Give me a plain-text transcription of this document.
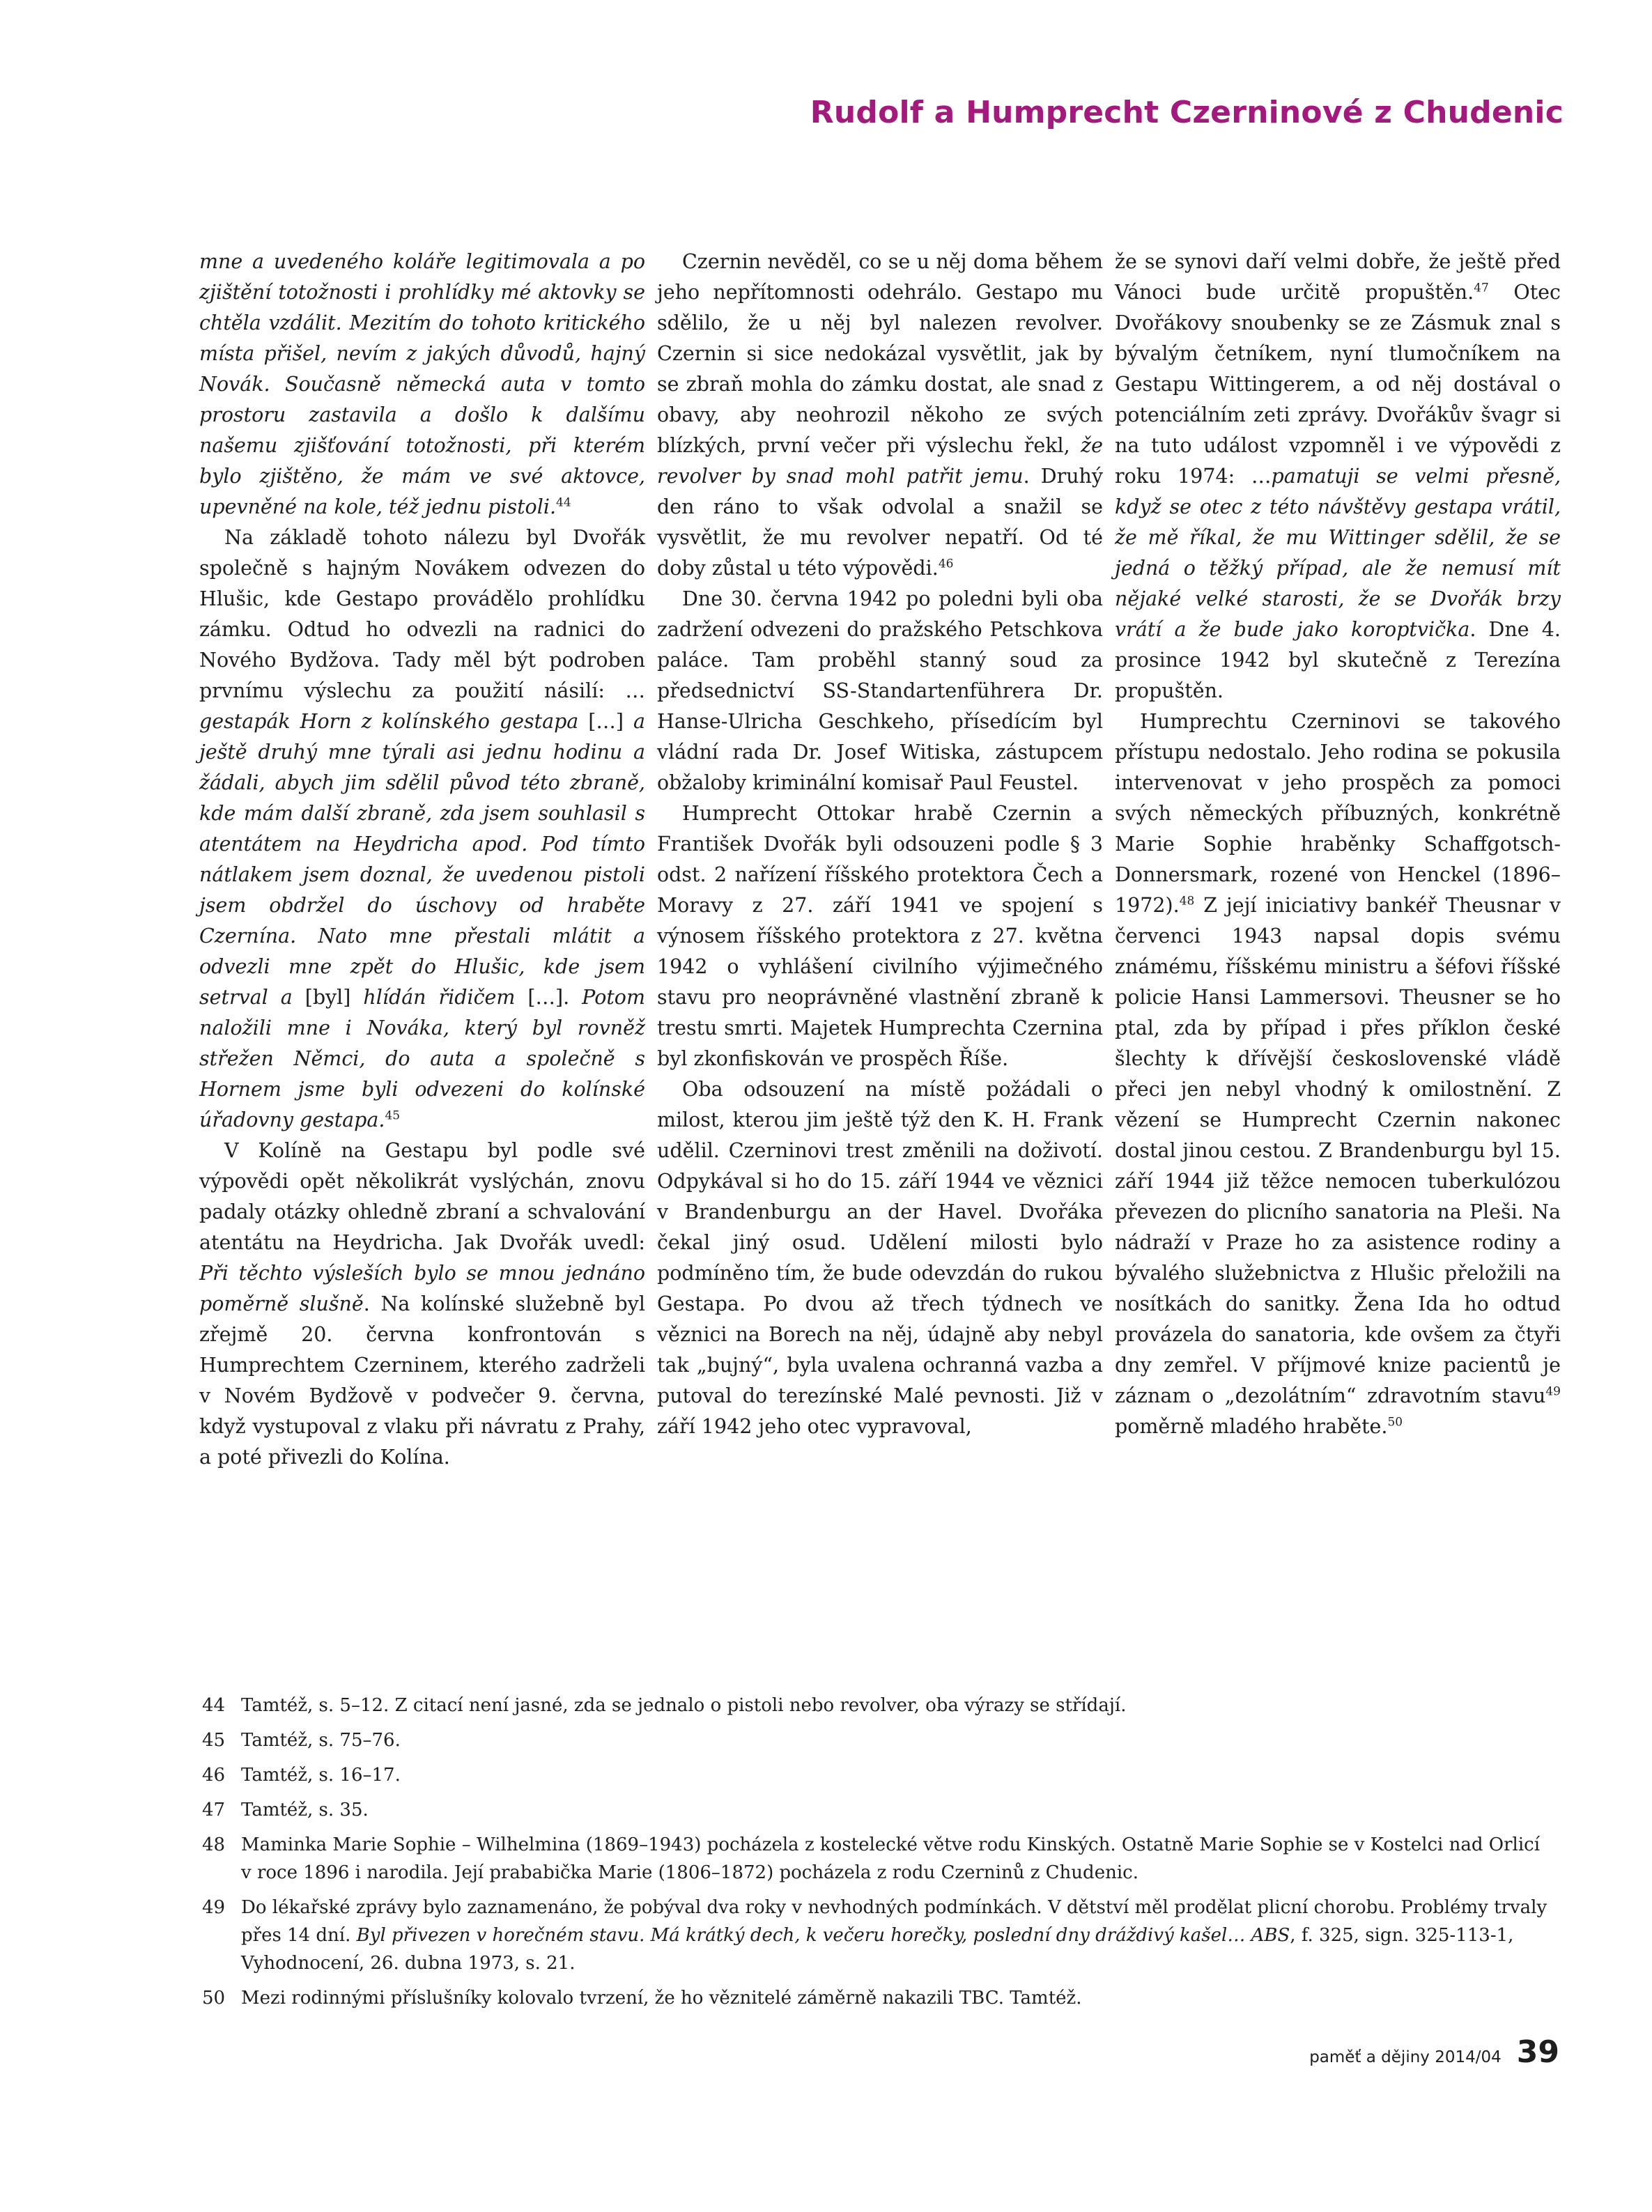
Rudolf a Humprecht Czerninové z Chudenic

mne a uvedeného koláře legitimovala a po zjištění totožnosti i prohlídky mé aktovky se chtěla vzdálit. Mezitím do tohoto kritického místa přišel, nevím z jakých důvodů, hajný Novák. Současně německá auta v tomto prostoru zastavila a došlo k dalšímu našemu zjišťování totožnosti, při kterém bylo zjištěno, že mám ve své aktovce, upevněné na kole, též jednu pistoli.$^{44}$

Na základě tohoto nálezu byl Dvořák společně s hajným Novákem odvezen do Hlušic, kde Gestapo provádělo prohlídku zámku. Odtud ho odvezli na radnici do Nového Bydžova. Tady měl být podroben prvnímu výslechu za použití násilí: …gestapák Horn z kolínského gestapa […] a ještě druhý mne týrali asi jednu hodinu a žádali, abych jim sdělil původ této zbraně, kde mám další zbraně, zda jsem souhlasil s atentátem na Heydricha apod. Pod tímto nátlakem jsem doznal, že uvedenou pistoli jsem obdržel do úschovy od hraběte Czernína. Nato mne přestali mlátit a odvezli mne zpět do Hlušic, kde jsem setrval a [byl] hlídán řidičem […]. Potom naložili mne i Nováka, který byl rovněž střežen Němci, do auta a společně s Hornem jsme byli odvezeni do kolínské úřadovny gestapa.$^{45}$

V Kolíně na Gestapu byl podle své výpovědi opět několikrát vyslýchán, znovu padaly otázky ohledně zbraní a schvalování atentátu na Heydricha. Jak Dvořák uvedl: Při těchto výsleších bylo se mnou jednáno poměrně slušně. Na kolínské služebně byl zřejmě 20. června konfrontován s Humprechtem Czerninem, kterého zadrželi v Novém Bydžově v podvečer 9. června, když vystupoval z vlaku při návratu z Prahy, a poté přivezli do Kolína.

Czernin nevěděl, co se u něj doma během jeho nepřítomnosti odehrálo. Gestapo mu sdělilo, že u něj byl nalezen revolver. Czernin si sice nedokázal vysvětlit, jak by se zbraň mohla do zámku dostat, ale snad z obavy, aby neohrozil někoho ze svých blízkých, první večer při výslechu řekl, že revolver by snad mohl patřit jemu. Druhý den ráno to však odvolal a snažil se vysvětlit, že mu revolver nepatří. Od té doby zůstal u této výpovědi.$^{46}$

Dne 30. června 1942 po poledni byli oba zadržení odvezeni do pražského Petschkova paláce. Tam proběhl stanný soud za předsednictví SS-Standartenführera Dr. Hanse-Ulricha Geschkeho, přísedícím byl vládní rada Dr. Josef Witiska, zástupcem obžaloby kriminální komisař Paul Feustel.

Humprecht Ottokar hrabě Czernin a František Dvořák byli odsouzeni podle § 3 odst. 2 nařízení říšského protektora Čech a Moravy z 27. září 1941 ve spojení s výnosem říšského protektora z 27. května 1942 o vyhlášení civilního výjimečného stavu pro neoprávněné vlastnění zbraně k trestu smrti. Majetek Humprechta Czernina byl zkonfiskován ve prospěch Říše.

Oba odsouzení na místě požádali o milost, kterou jim ještě týž den K. H. Frank udělil. Czerninovi trest změnili na doživotí. Odpykával si ho do 15. září 1944 ve věznici v Brandenburgu an der Havel. Dvořáka čekal jiný osud. Udělení milosti bylo podmíněno tím, že bude odevzdán do rukou Gestapa. Po dvou až třech týdnech ve věznici na Borech na něj, údajně aby nebyl tak „bujný“, byla uvalena ochranná vazba a putoval do terezínské Malé pevnosti. Již v září 1942 jeho otec vypravoval,

že se synovi daří velmi dobře, že ještě před Vánoci bude určitě propuštěn.$^{47}$ Otec Dvořákovy snoubenky se ze Zásmuk znal s bývalým četníkem, nyní tlumočníkem na Gestapu Wittingerem, a od něj dostával o potenciálním zeti zprávy. Dvořákův švagr si na tuto událost vzpomněl i ve výpovědi z roku 1974: …pamatuji se velmi přesně, když se otec z této návštěvy gestapa vrátil, že mě říkal, že mu Wittinger sdělil, že se jedná o těžký případ, ale že nemusí mít nějaké velké starosti, že se Dvořák brzy vrátí a že bude jako koroptvička. Dne 4. prosince 1942 byl skutečně z Terezína propuštěn.

Humprechtu Czerninovi se takového přístupu nedostalo. Jeho rodina se pokusila intervenovat v jeho prospěch za pomoci svých německých příbuzných, konkrétně Marie Sophie hraběnky Schaffgotsch-Donnersmark, rozené von Henckel (1896–1972).$^{48}$ Z její iniciativy bankéř Theusnar v červenci 1943 napsal dopis svému známému, říšskému ministru a šéfovi říšské policie Hansi Lammersovi. Theusner se ho ptal, zda by případ i přes příklon české šlechty k dřívější československé vládě přeci jen nebyl vhodný k omilostnění. Z vězení se Humprecht Czernin nakonec dostal jinou cestou. Z Brandenburgu byl 15. září 1944 již těžce nemocen tuberkulózou převezen do plicního sanatoria na Pleši. Na nádraží v Praze ho za asistence rodiny a bývalého služebnictva z Hlušic přeložili na nosítkách do sanitky. Žena Ida ho odtud provázela do sanatoria, kde ovšem za čtyři dny zemřel. V příjmové knize pacientů je záznam o „dezolátním“ zdravotním stavu$^{49}$ poměrně mladého hraběte.$^{50}$

44 Tamtéž, s. 5–12. Z citací není jasné, zda se jednalo o pistoli nebo revolver, oba výrazy se střídají.
45 Tamtéž, s. 75–76.
46 Tamtéž, s. 16–17.
47 Tamtéž, s. 35.
48 Maminka Marie Sophie – Wilhelmina (1869–1943) pocházela z kostelecké větve rodu Kinských. Ostatně Marie Sophie se v Kostelci nad Orlicí v roce 1896 i narodila. Její prababička Marie (1806–1872) pocházela z rodu Czerninů z Chudenic.
49 Do lékařské zprávy bylo zaznamenáno, že pobýval dva roky v nevhodných podmínkách. V dětství měl prodělat plicní chorobu. Problémy trvaly přes 14 dní. Byl přivezen v horečném stavu. Má krátký dech, k večeru horečky, poslední dny dráždivý kašel… ABS, f. 325, sign. 325-113-1, Vyhodnocení, 26. dubna 1973, s. 21.
50 Mezi rodinnými příslušníky kolovalo tvrzení, že ho věznitelé záměrně nakazili TBC. Tamtéž.
paměť a dějiny 2014/04 39
